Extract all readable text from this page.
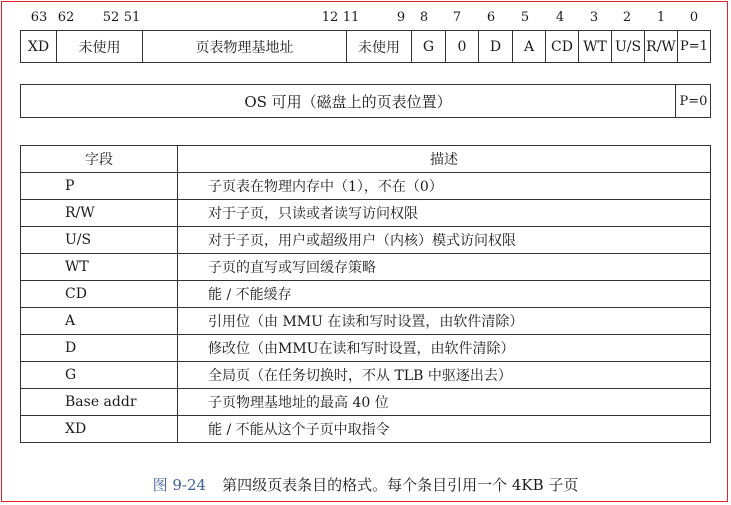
63 62 52 51	12 11	9 8 7 6 5 4 3 2 1 0
XD	未使用	页表物理基地址	未使用	G	0	D	A	CD WT U/S R/W P=1
OS 可用（磁盘上的页表位置）	P=0
字段	描述
P	子页表在物理内存中（1），不在（0）
R/W	对于子页，只读或者读写访问权限
U/S	对于子页，用户或超级用户（内核）模式访问权限
WT	子页的直写或写回缓存策略
CD	能 / 不能缓存
A	引用位（由 MMU 在读和写时设置，由软件清除）
D	修改位（由MMU在读和写时设置，由软件清除）
G	全局页（在任务切换时，不从 TLB 中驱逐出去）
Base addr	子页物理基地址的最高 40 位
XD	能 / 不能从这个子页中取指令
图 9-24 第四级页表条目的格式。每个条目引用一个 4KB 子页
